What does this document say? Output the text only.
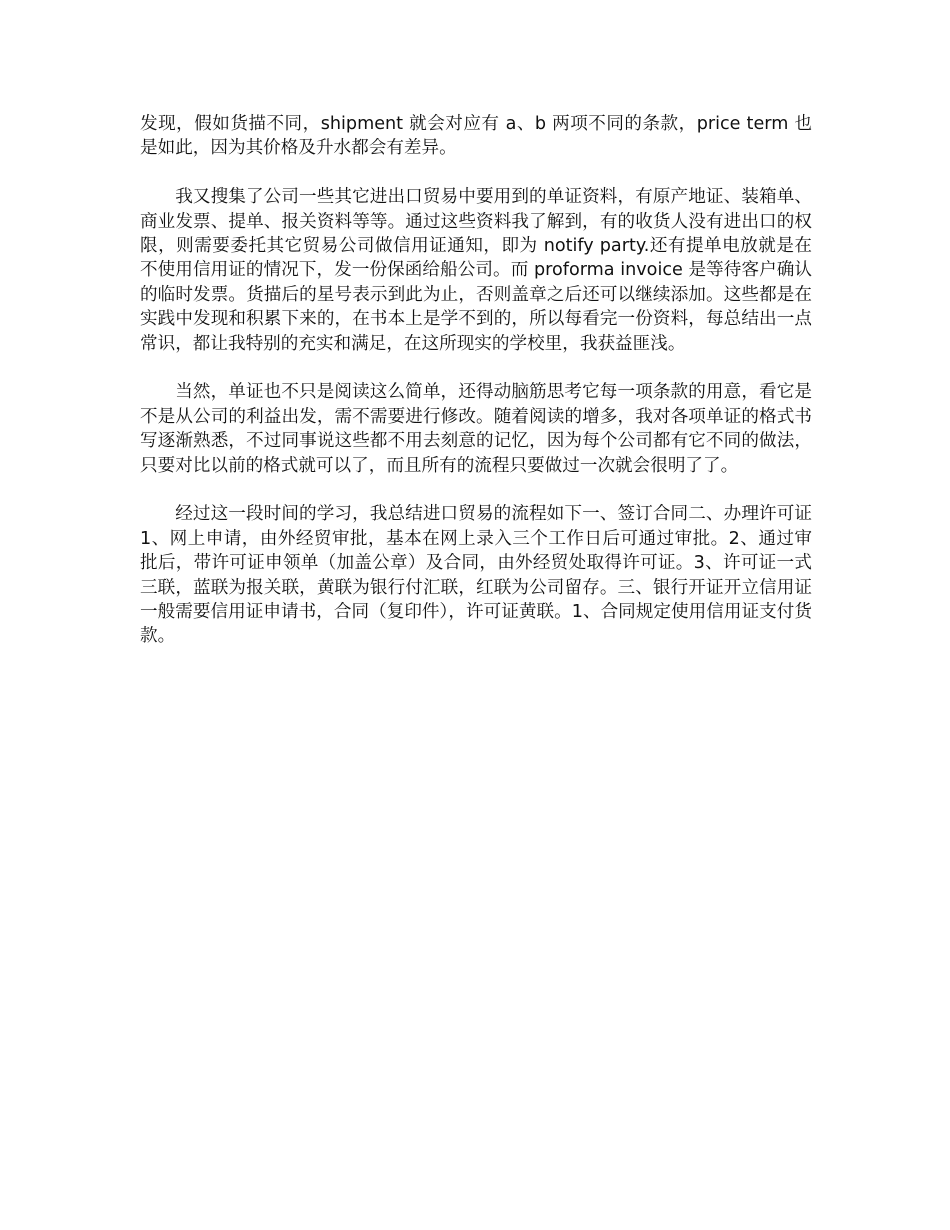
发现，假如货描不同，shipment 就会对应有 a、b 两项不同的条款，price term 也是如此，因为其价格及升水都会有差异。

我又搜集了公司一些其它进出口贸易中要用到的单证资料，有原产地证、装箱单、商业发票、提单、报关资料等等。通过这些资料我了解到，有的收货人没有进出口的权限，则需要委托其它贸易公司做信用证通知，即为 notify party.还有提单电放就是在不使用信用证的情况下，发一份保函给船公司。而 proforma invoice 是等待客户确认的临时发票。货描后的星号表示到此为止，否则盖章之后还可以继续添加。这些都是在实践中发现和积累下来的，在书本上是学不到的，所以每看完一份资料，每总结出一点常识，都让我特别的充实和满足，在这所现实的学校里，我获益匪浅。

当然，单证也不只是阅读这么简单，还得动脑筋思考它每一项条款的用意，看它是不是从公司的利益出发，需不需要进行修改。随着阅读的增多，我对各项单证的格式书写逐渐熟悉，不过同事说这些都不用去刻意的记忆，因为每个公司都有它不同的做法，只要对比以前的格式就可以了，而且所有的流程只要做过一次就会很明了了。

经过这一段时间的学习，我总结进口贸易的流程如下一、签订合同二、办理许可证 1、网上申请，由外经贸审批，基本在网上录入三个工作日后可通过审批。2、通过审批后，带许可证申领单（加盖公章）及合同，由外经贸处取得许可证。3、许可证一式三联，蓝联为报关联，黄联为银行付汇联，红联为公司留存。三、银行开证开立信用证一般需要信用证申请书，合同（复印件），许可证黄联。1、合同规定使用信用证支付货款。
